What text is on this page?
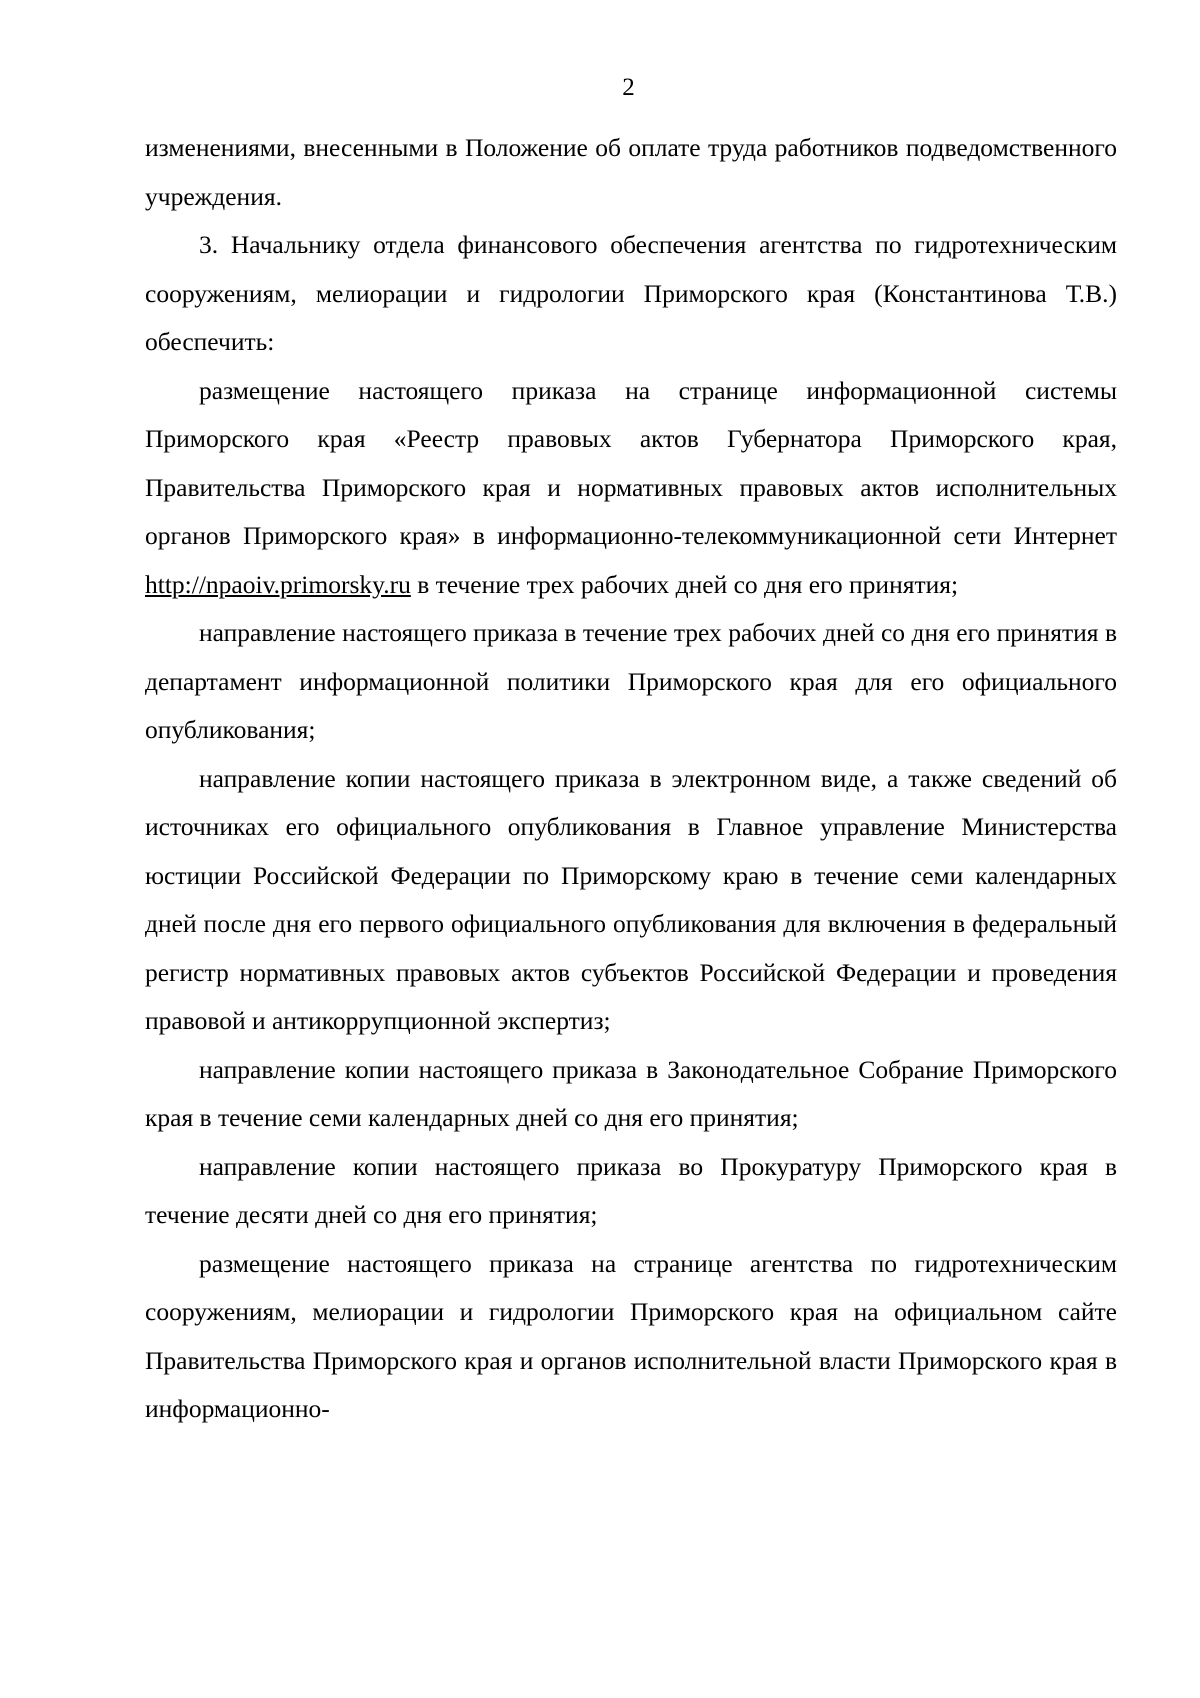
2

изменениями, внесенными в Положение об оплате труда работников подведомственного учреждения.

3. Начальнику отдела финансового обеспечения агентства по гидротехническим сооружениям, мелиорации и гидрологии Приморского края (Константинова Т.В.) обеспечить:

размещение настоящего приказа на странице информационной системы Приморского края «Реестр правовых актов Губернатора Приморского края, Правительства Приморского края и нормативных правовых актов исполнительных органов Приморского края» в информационно-телекоммуникационной сети Интернет http://npaoiv.primorsky.ru в течение трех рабочих дней со дня его принятия;

направление настоящего приказа в течение трех рабочих дней со дня его принятия в департамент информационной политики Приморского края для его официального опубликования;

направление копии настоящего приказа в электронном виде, а также сведений об источниках его официального опубликования в Главное управление Министерства юстиции Российской Федерации по Приморскому краю в течение семи календарных дней после дня его первого официального опубликования для включения в федеральный регистр нормативных правовых актов субъектов Российской Федерации и проведения правовой и антикоррупционной экспертиз;

направление копии настоящего приказа в Законодательное Собрание Приморского края в течение семи календарных дней со дня его принятия;

направление копии настоящего приказа во Прокуратуру Приморского края в течение десяти дней со дня его принятия;

размещение настоящего приказа на странице агентства по гидротехническим сооружениям, мелиорации и гидрологии Приморского края на официальном сайте Правительства Приморского края и органов исполнительной власти Приморского края в информационно-
